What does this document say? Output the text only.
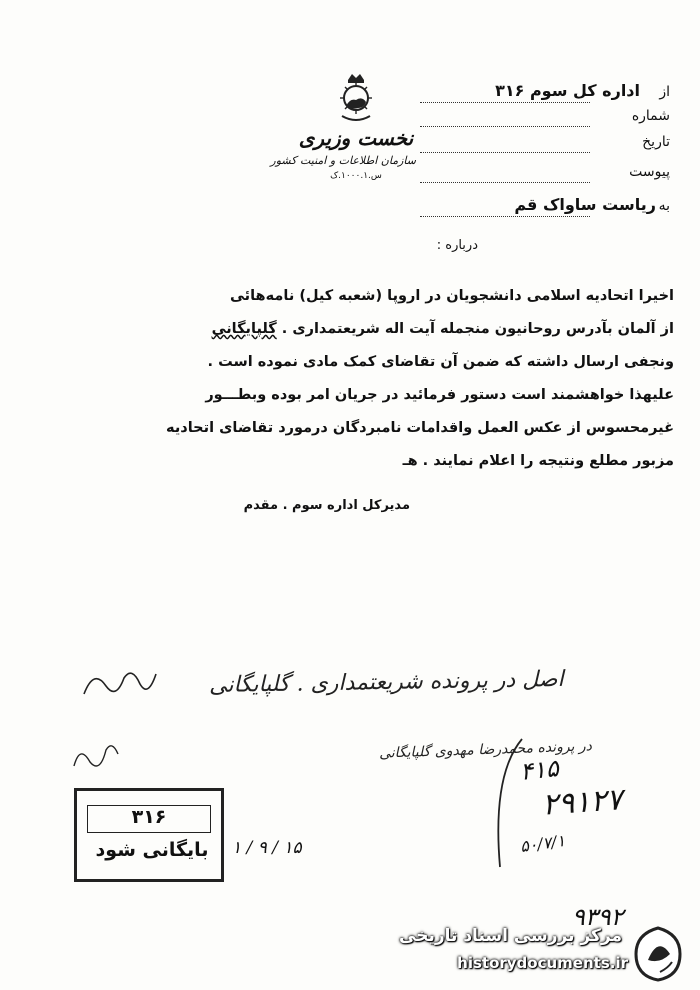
از
اداره کل سوم ۳۱۶
شماره
تاریخ
پیوست
به
ریاست ساواک قم
نخست وزیری
سازمان اطلاعات و امنیت کشور
س.۱۰۰۰.۱.ک
درباره :

اخیرا اتحادیه اسلامی دانشجویان در اروپا (شعبه کیل) نامه‌هائی

از آلمان بآدرس روحانیون منجمله آیت اله شریعتمداری . گلپایگانی

ونجفی ارسال داشته که ضمن آن تقاضای کمک مادی نموده است .

علیهذا خواهشمند است دستور فرمائید در جریان امر بوده وبطـــور

غیرمحسوس از عکس العمل واقدامات نامبردگان درمورد تقاضای اتحادیه

مزبور مطلع ونتیجه را اعلام نمایند . هـ

مدیرکل اداره سوم . مقدم
اصل در پرونده شریعتمداری . گلپایگانی
در پرونده محمدرضا مهدوی گلپایگانی
۳۱۶
بایگانی شود	۱۵ / ۹ / ۱
۴۱۵
۲۹۱۲۷
۵۰/۷/۱
۹۳۹۲
مرکز بررسی اسناد تاریخی
historydocuments.ir
